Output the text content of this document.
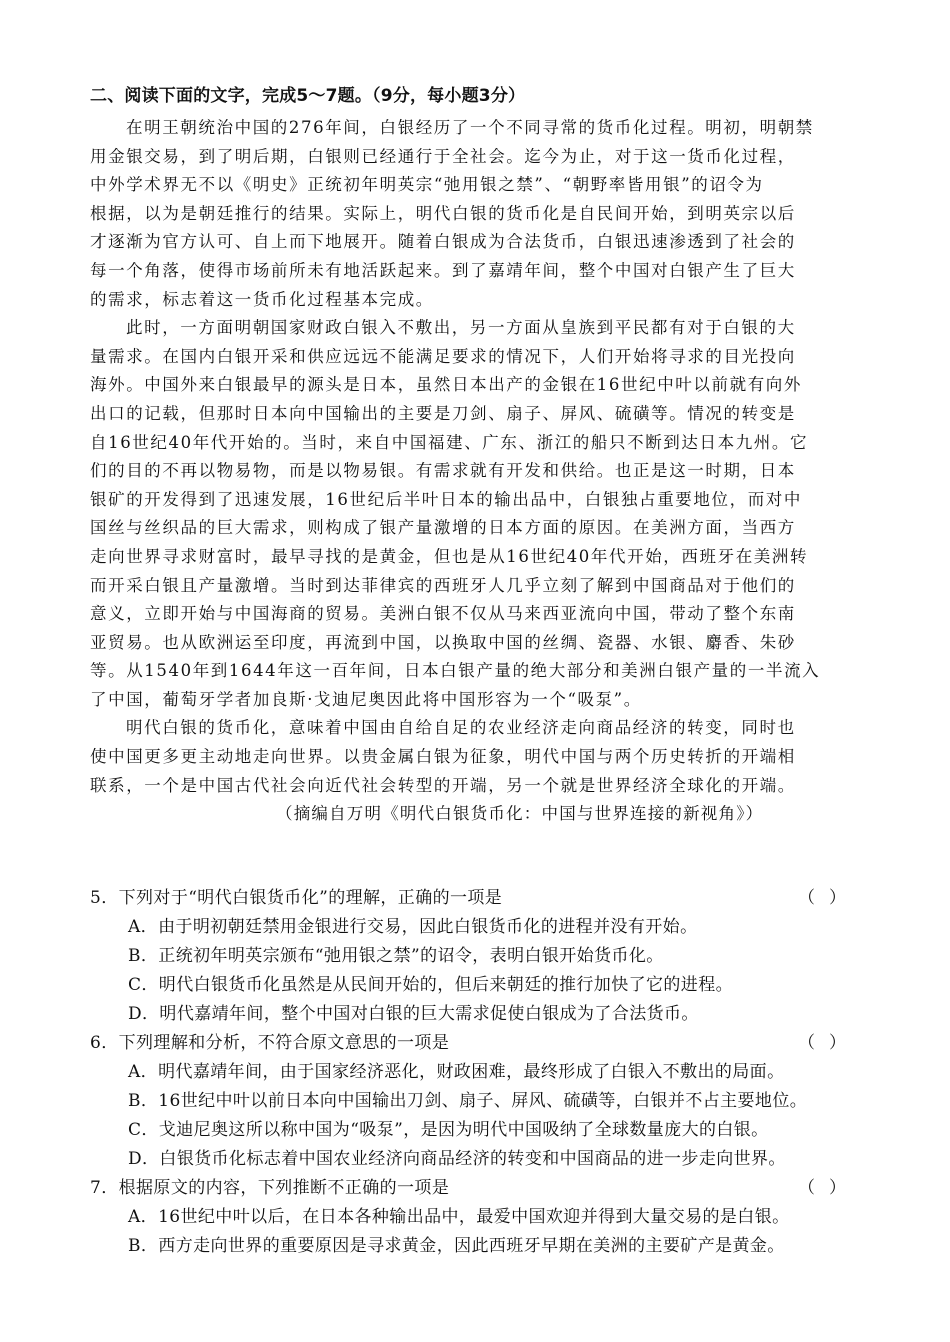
二、阅读下面的文字，完成5～7题。（9分，每小题3分）
在明王朝统治中国的276年间，白银经历了一个不同寻常的货币化过程。明初，明朝禁
用金银交易，到了明后期，白银则已经通行于全社会。迄今为止，对于这一货币化过程，
中外学术界无不以《明史》正统初年明英宗“弛用银之禁”、“朝野率皆用银”的诏令为
根据，以为是朝廷推行的结果。实际上，明代白银的货币化是自民间开始，到明英宗以后
才逐渐为官方认可、自上而下地展开。随着白银成为合法货币，白银迅速渗透到了社会的
每一个角落，使得市场前所未有地活跃起来。到了嘉靖年间，整个中国对白银产生了巨大
的需求，标志着这一货币化过程基本完成。
此时，一方面明朝国家财政白银入不敷出，另一方面从皇族到平民都有对于白银的大
量需求。在国内白银开采和供应远远不能满足要求的情况下，人们开始将寻求的目光投向
海外。中国外来白银最早的源头是日本，虽然日本出产的金银在16世纪中叶以前就有向外
出口的记载，但那时日本向中国输出的主要是刀剑、扇子、屏风、硫磺等。情况的转变是
自16世纪40年代开始的。当时，来自中国福建、广东、浙江的船只不断到达日本九州。它
们的目的不再以物易物，而是以物易银。有需求就有开发和供给。也正是这一时期，日本
银矿的开发得到了迅速发展，16世纪后半叶日本的输出品中，白银独占重要地位，而对中
国丝与丝织品的巨大需求，则构成了银产量激增的日本方面的原因。在美洲方面，当西方
走向世界寻求财富时，最早寻找的是黄金，但也是从16世纪40年代开始，西班牙在美洲转
而开采白银且产量激增。当时到达菲律宾的西班牙人几乎立刻了解到中国商品对于他们的
意义，立即开始与中国海商的贸易。美洲白银不仅从马来西亚流向中国，带动了整个东南
亚贸易。也从欧洲运至印度，再流到中国，以换取中国的丝绸、瓷器、水银、麝香、朱砂
等。从1540年到1644年这一百年间，日本白银产量的绝大部分和美洲白银产量的一半流入
了中国，葡萄牙学者加良斯·戈迪尼奥因此将中国形容为一个“吸泵”。
明代白银的货币化，意味着中国由自给自足的农业经济走向商品经济的转变，同时也
使中国更多更主动地走向世界。以贵金属白银为征象，明代中国与两个历史转折的开端相
联系，一个是中国古代社会向近代社会转型的开端，另一个就是世界经济全球化的开端。
（摘编自万明《明代白银货币化：中国与世界连接的新视角》）
5．下列对于“明代白银货币化”的理解，正确的一项是	（）
A．由于明初朝廷禁用金银进行交易，因此白银货币化的进程并没有开始。
B．正统初年明英宗颁布“弛用银之禁”的诏令，表明白银开始货币化。
C．明代白银货币化虽然是从民间开始的，但后来朝廷的推行加快了它的进程。
D．明代嘉靖年间，整个中国对白银的巨大需求促使白银成为了合法货币。
6．下列理解和分析，不符合原文意思的一项是	（）
A．明代嘉靖年间，由于国家经济恶化，财政困难，最终形成了白银入不敷出的局面。
B．16世纪中叶以前日本向中国输出刀剑、扇子、屏风、硫磺等，白银并不占主要地位。
C．戈迪尼奥这所以称中国为“吸泵”，是因为明代中国吸纳了全球数量庞大的白银。
D．白银货币化标志着中国农业经济向商品经济的转变和中国商品的进一步走向世界。
7．根据原文的内容，下列推断不正确的一项是	（）
A．16世纪中叶以后，在日本各种输出品中，最爱中国欢迎并得到大量交易的是白银。
B．西方走向世界的重要原因是寻求黄金，因此西班牙早期在美洲的主要矿产是黄金。
